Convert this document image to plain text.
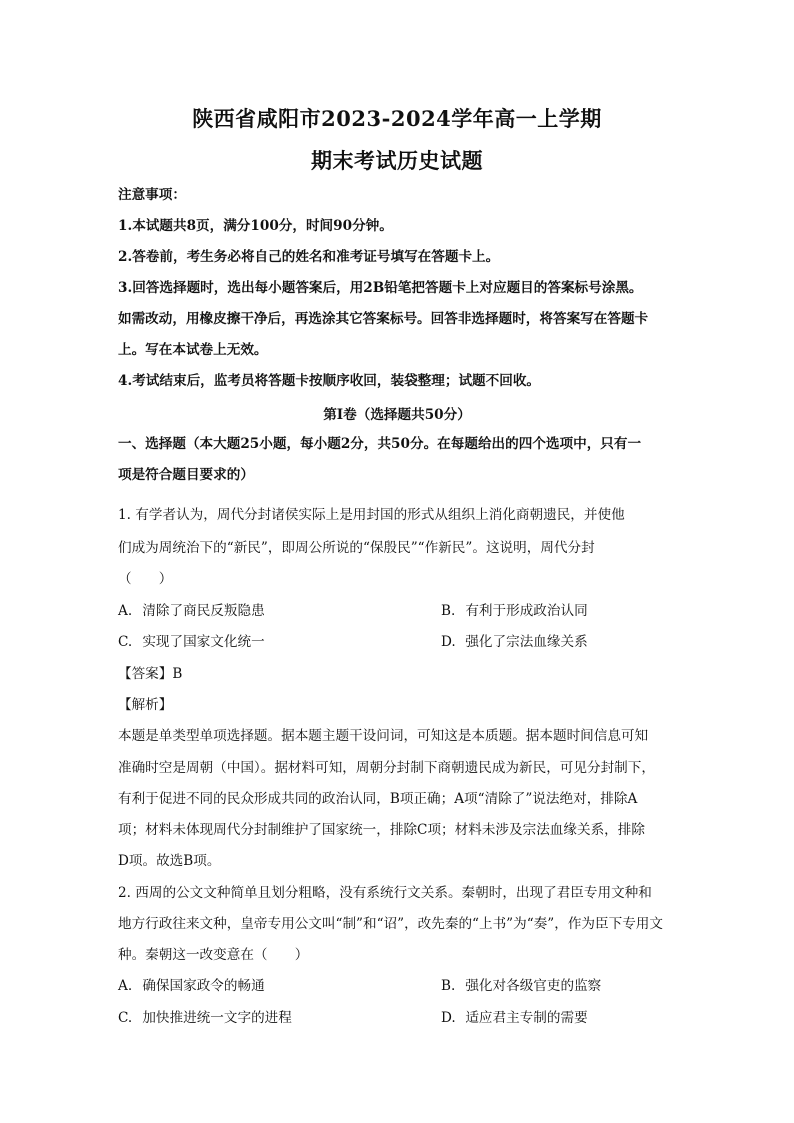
陕西省咸阳市2023-2024学年高一上学期
期末考试历史试题
注意事项：
1.本试题共8页，满分100分，时间90分钟。
2.答卷前，考生务必将自己的姓名和准考证号填写在答题卡上。
3.回答选择题时，选出每小题答案后，用2B铅笔把答题卡上对应题目的答案标号涂黑。
如需改动，用橡皮擦干净后，再选涂其它答案标号。回答非选择题时，将答案写在答题卡
上。写在本试卷上无效。
4.考试结束后，监考员将答题卡按顺序收回，装袋整理；试题不回收。
第Ⅰ卷（选择题共50分）
一、选择题（本大题25小题，每小题2分，共50分。在每题给出的四个选项中，只有一
项是符合题目要求的）
1. 有学者认为，周代分封诸侯实际上是用封国的形式从组织上消化商朝遗民，并使他
们成为周统治下的“新民”，即周公所说的“保殷民”“作新民”。这说明，周代分封
（　　）
A. 清除了商民反叛隐患	B. 有利于形成政治认同
C. 实现了国家文化统一	D. 强化了宗法血缘关系
【答案】B
【解析】
本题是单类型单项选择题。据本题主题干设问词，可知这是本质题。据本题时间信息可知
准确时空是周朝（中国）。据材料可知，周朝分封制下商朝遗民成为新民，可见分封制下，
有利于促进不同的民众形成共同的政治认同，B项正确；A项“清除了”说法绝对，排除A
项；材料未体现周代分封制维护了国家统一，排除C项；材料未涉及宗法血缘关系，排除
D项。故选B项。
2. 西周的公文文种简单且划分粗略，没有系统行文关系。秦朝时，出现了君臣专用文种和
地方行政往来文种，皇帝专用公文叫“制”和“诏”，改先秦的“上书”为“奏”，作为臣下专用文
种。秦朝这一改变意在（　　）
A. 确保国家政令的畅通	B. 强化对各级官吏的监察
C. 加快推进统一文字的进程	D. 适应君主专制的需要
